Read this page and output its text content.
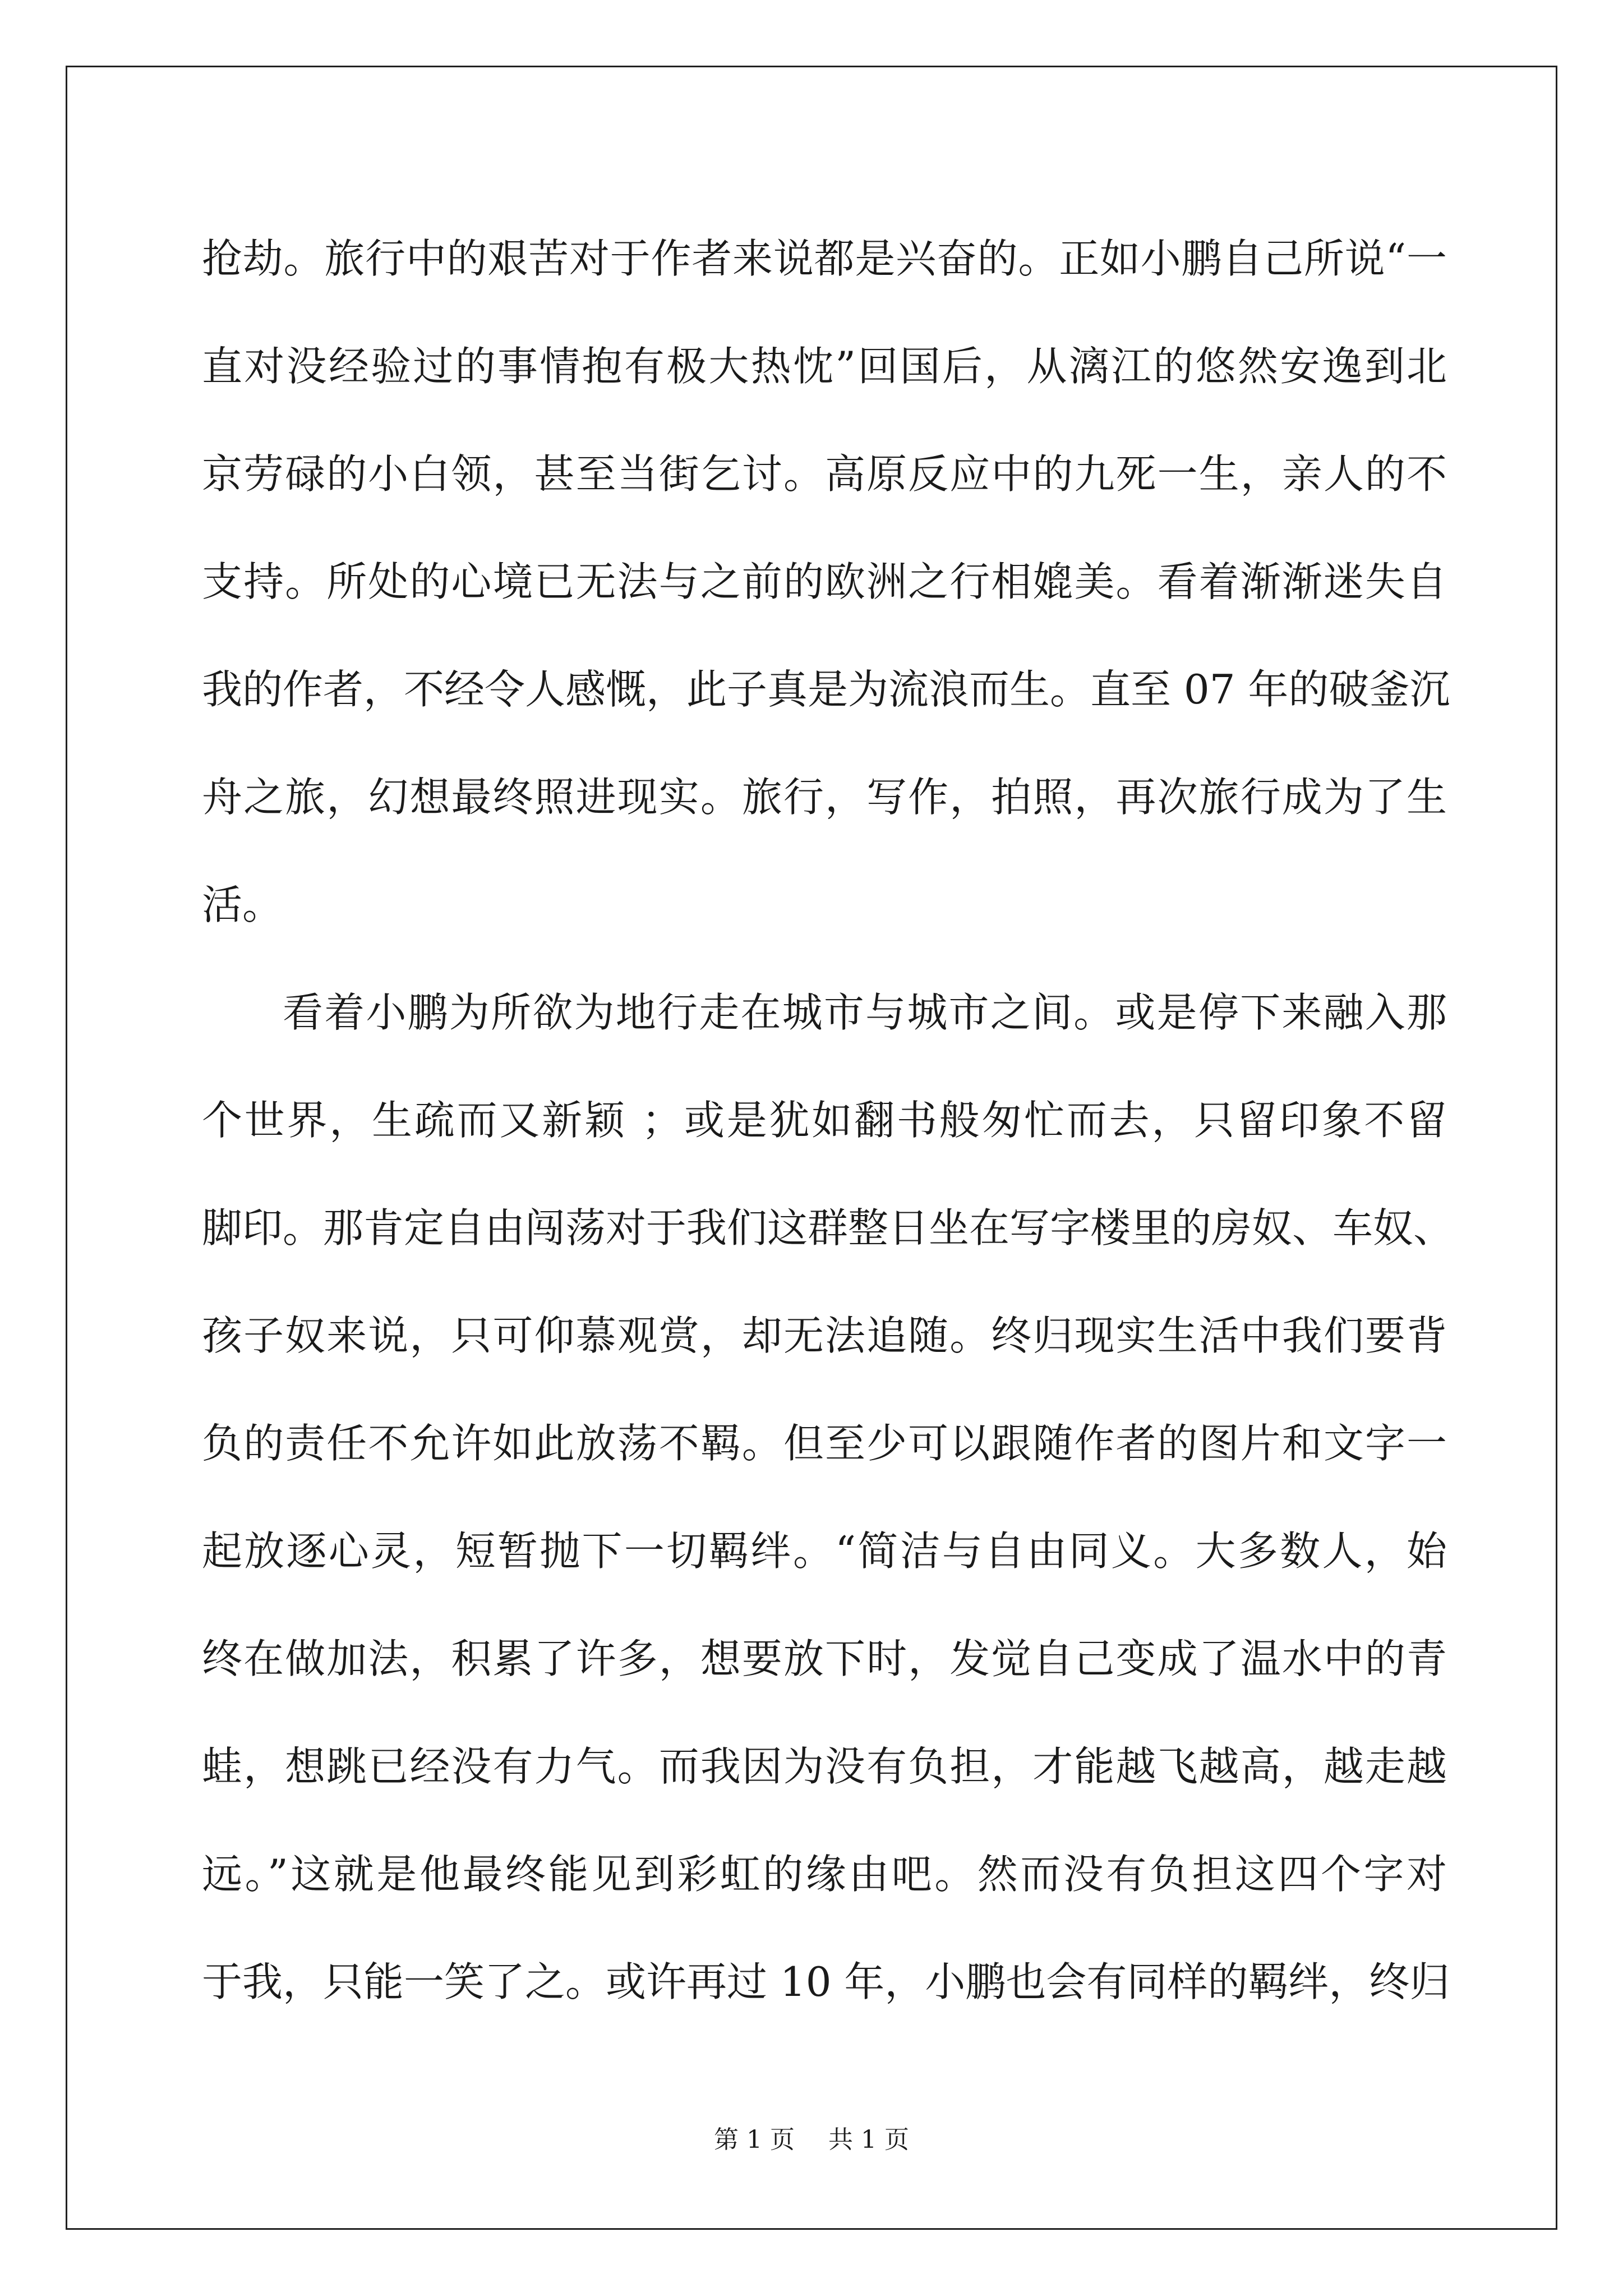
抢劫。旅行中的艰苦对于作者来说都是兴奋的。正如小鹏自己所说“一
直对没经验过的事情抱有极大热忱”回国后，从漓江的悠然安逸到北
京劳碌的小白领，甚至当街乞讨。高原反应中的九死一生，亲人的不
支持。所处的心境已无法与之前的欧洲之行相媲美。看着渐渐迷失自
我的作者，不经令人感慨，此子真是为流浪而生。直至 07 年的破釜沉
舟之旅，幻想最终照进现实。旅行，写作，拍照，再次旅行成为了生
活。
看着小鹏为所欲为地行走在城市与城市之间。或是停下来融入那
个世界，生疏而又新颖 ；或是犹如翻书般匆忙而去，只留印象不留
脚印。那肯定自由闯荡对于我们这群整日坐在写字楼里的房奴、车奴、
孩子奴来说，只可仰慕观赏，却无法追随。终归现实生活中我们要背
负的责任不允许如此放荡不羁。但至少可以跟随作者的图片和文字一
起放逐心灵，短暂抛下一切羁绊。“简洁与自由同义。大多数人，始
终在做加法，积累了许多，想要放下时，发觉自己变成了温水中的青
蛙，想跳已经没有力气。而我因为没有负担，才能越飞越高，越走越
远。”这就是他最终能见到彩虹的缘由吧。然而没有负担这四个字对
于我，只能一笑了之。或许再过 10 年，小鹏也会有同样的羁绊，终归
第 1 页 共 1 页
